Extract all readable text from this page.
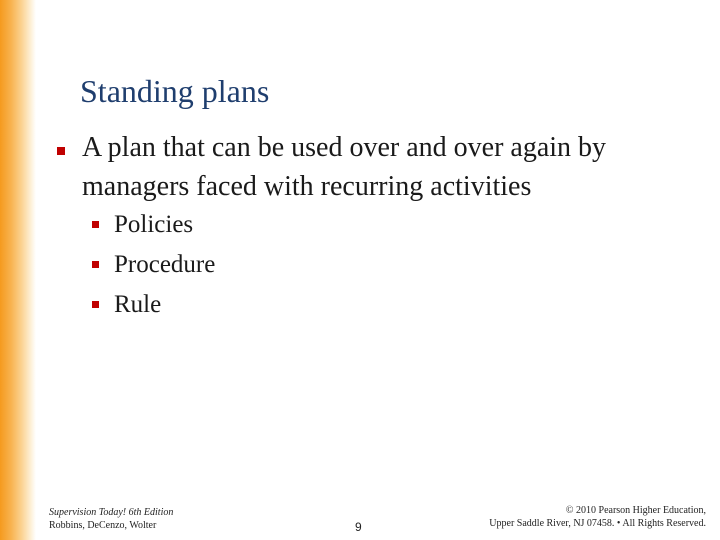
Standing plans
A plan that can be used over and over again by managers faced with recurring activities
Policies
Procedure
Rule
Supervision Today! 6th Edition
Robbins, DeCenzo, Wolter	9
© 2010 Pearson Higher Education,
Upper Saddle River, NJ 07458. • All Rights Reserved.
